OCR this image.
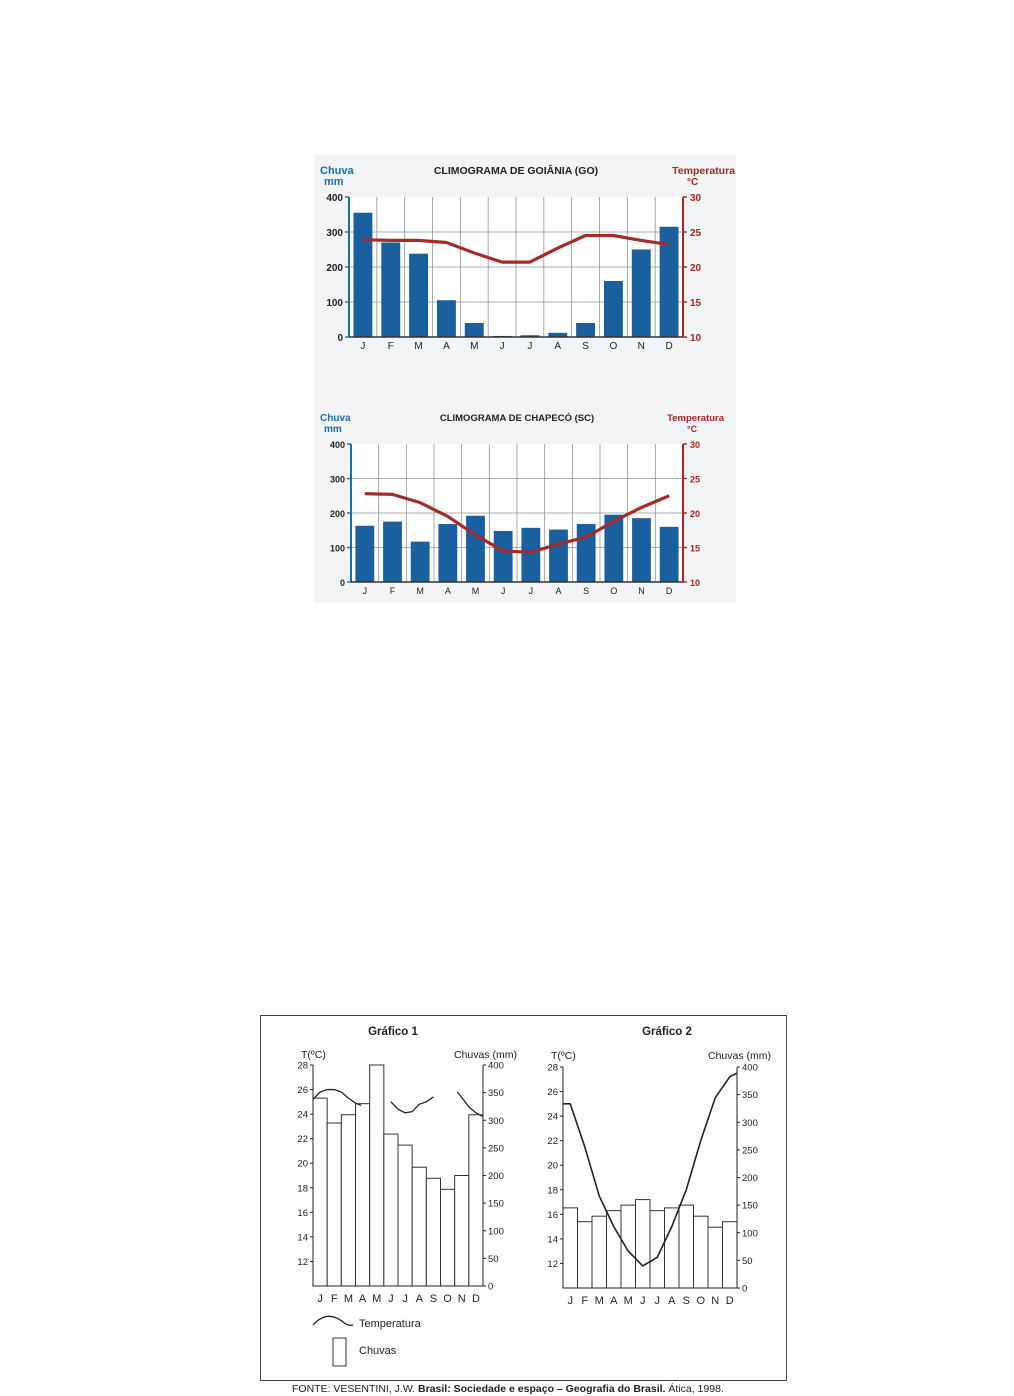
0
100
200
300
400
10
15
20
25
30
J F M A M J J A S O N D
CLIMOGRAMA DE GOIÂNIA (GO)
Chuva
mm
Temperatura
°C
0
100
200
300
400
10
15
20
25
30
J	F M A M J	J A S O N D
CLIMOGRAMA DE CHAPECÓ (SC)
Chuva
mm
Temperatura
°C
12
14
16
18
20
22
24
26
28
0
50
100
150
200
250
300
350
400
J F M A M J J A S O N D
Gráfico 1
T(ºC)	Chuvas (mm)
12
14
16
18
20
22
24
26
28
0
50
100
150
200
250
300
350
400
J F M A M J J A S O N D
Gráfico 2
T(ºC)	Chuvas (mm)
Temperatura
Chuvas
FONTE: VESENTINI, J.W. Brasil: Sociedade e espaço – Geografia do Brasil. Ática, 1998.
